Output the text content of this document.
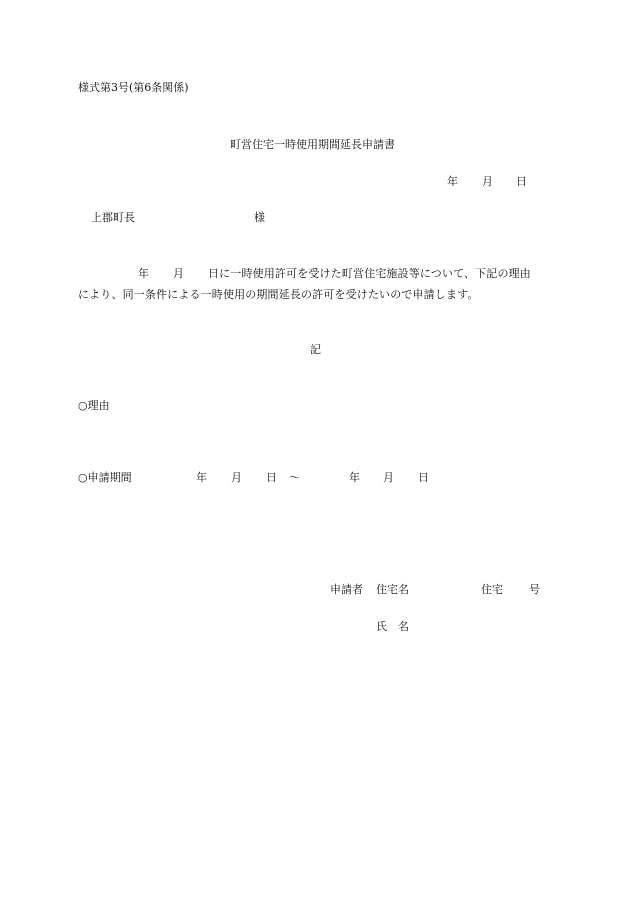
様式第3号(第6条関係)
町営住宅一時使用期間延長申請書
年 月 日
上郡町長	様
年 月 日に一時使用許可を受けた町営住宅施設等について、下記の理由
により、同一条件による一時使用の期間延長の許可を受けたいので申請します。
記
○理由
○申請期間	年 月 日 〜	年 月 日
申請者 住宅名	住宅 号
氏　名
